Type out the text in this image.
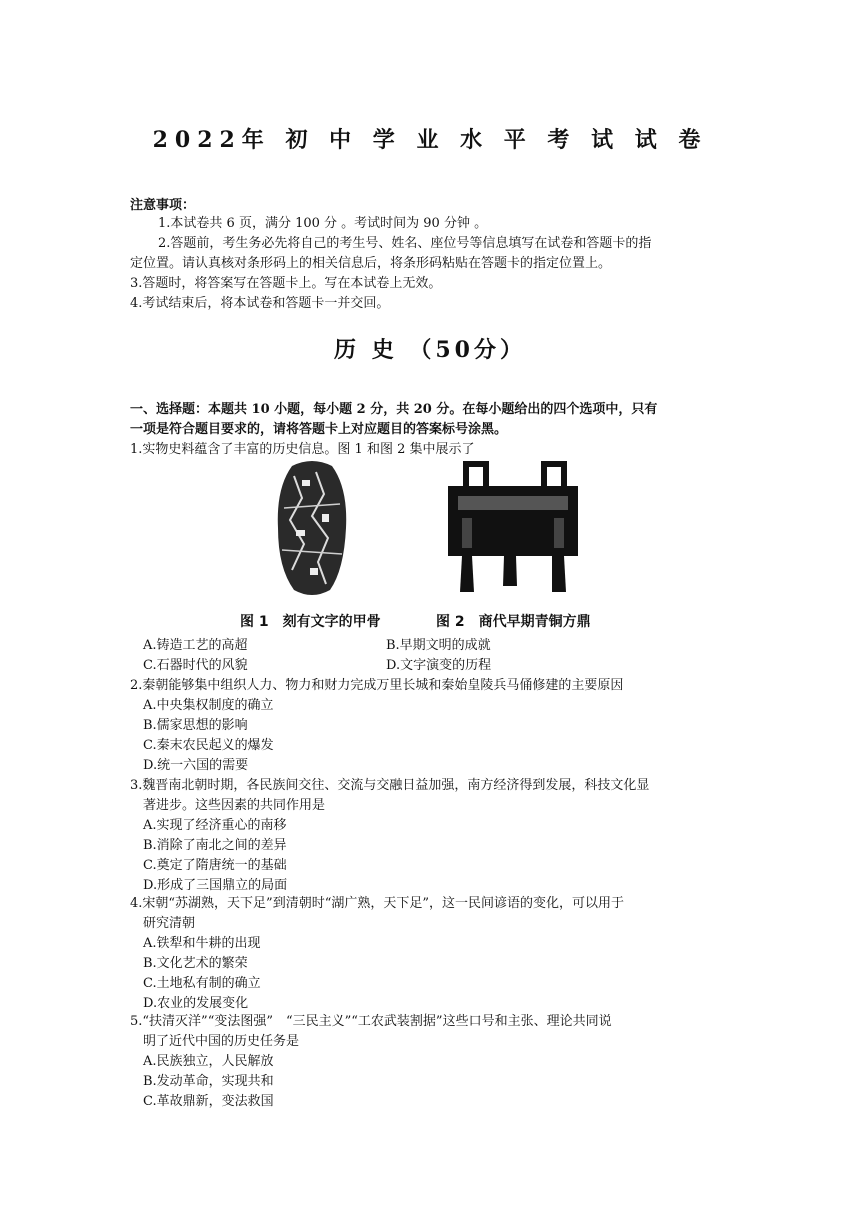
2022年 初 中 学 业 水 平 考 试 试 卷
注意事项：
1.本试卷共 6 页，满分 100 分 。考试时间为 90 分钟 。
2.答题前，考生务必先将自己的考生号、姓名、座位号等信息填写在试卷和答题卡的指
定位置。请认真核对条形码上的相关信息后，将条形码粘贴在答题卡的指定位置上。
3.答题时，将答案写在答题卡上。写在本试卷上无效。
4.考试结束后，将本试卷和答题卡一并交回。
历 史 （50分）
一、选择题：本题共 10 小题，每小题 2 分，共 20 分。在每小题给出的四个选项中，只有
一项是符合题目要求的，请将答题卡上对应题目的答案标号涂黑。
1.实物史料蕴含了丰富的历史信息。图 1 和图 2 集中展示了
图 1　刻有文字的甲骨	图 2　商代早期青铜方鼎
A.铸造工艺的高超	B.早期文明的成就
C.石器时代的风貌	D.文字演变的历程
2.秦朝能够集中组织人力、物力和财力完成万里长城和秦始皇陵兵马俑修建的主要原因
A.中央集权制度的确立
B.儒家思想的影响
C.秦末农民起义的爆发
D.统一六国的需要
3.魏晋南北朝时期，各民族间交往、交流与交融日益加强，南方经济得到发展，科技文化显
著进步。这些因素的共同作用是
A.实现了经济重心的南移
B.消除了南北之间的差异
C.奠定了隋唐统一的基础
D.形成了三国鼎立的局面
4.宋朝“苏湖熟，天下足”到清朝时“湖广熟，天下足”，这一民间谚语的变化，可以用于
研究清朝
A.铁犁和牛耕的出现
B.文化艺术的繁荣
C.土地私有制的确立
D.农业的发展变化
5.“扶清灭洋”“变法图强”　“三民主义”“工农武装割据”这些口号和主张、理论共同说
明了近代中国的历史任务是
A.民族独立，人民解放
B.发动革命，实现共和
C.革故鼎新，变法救国
